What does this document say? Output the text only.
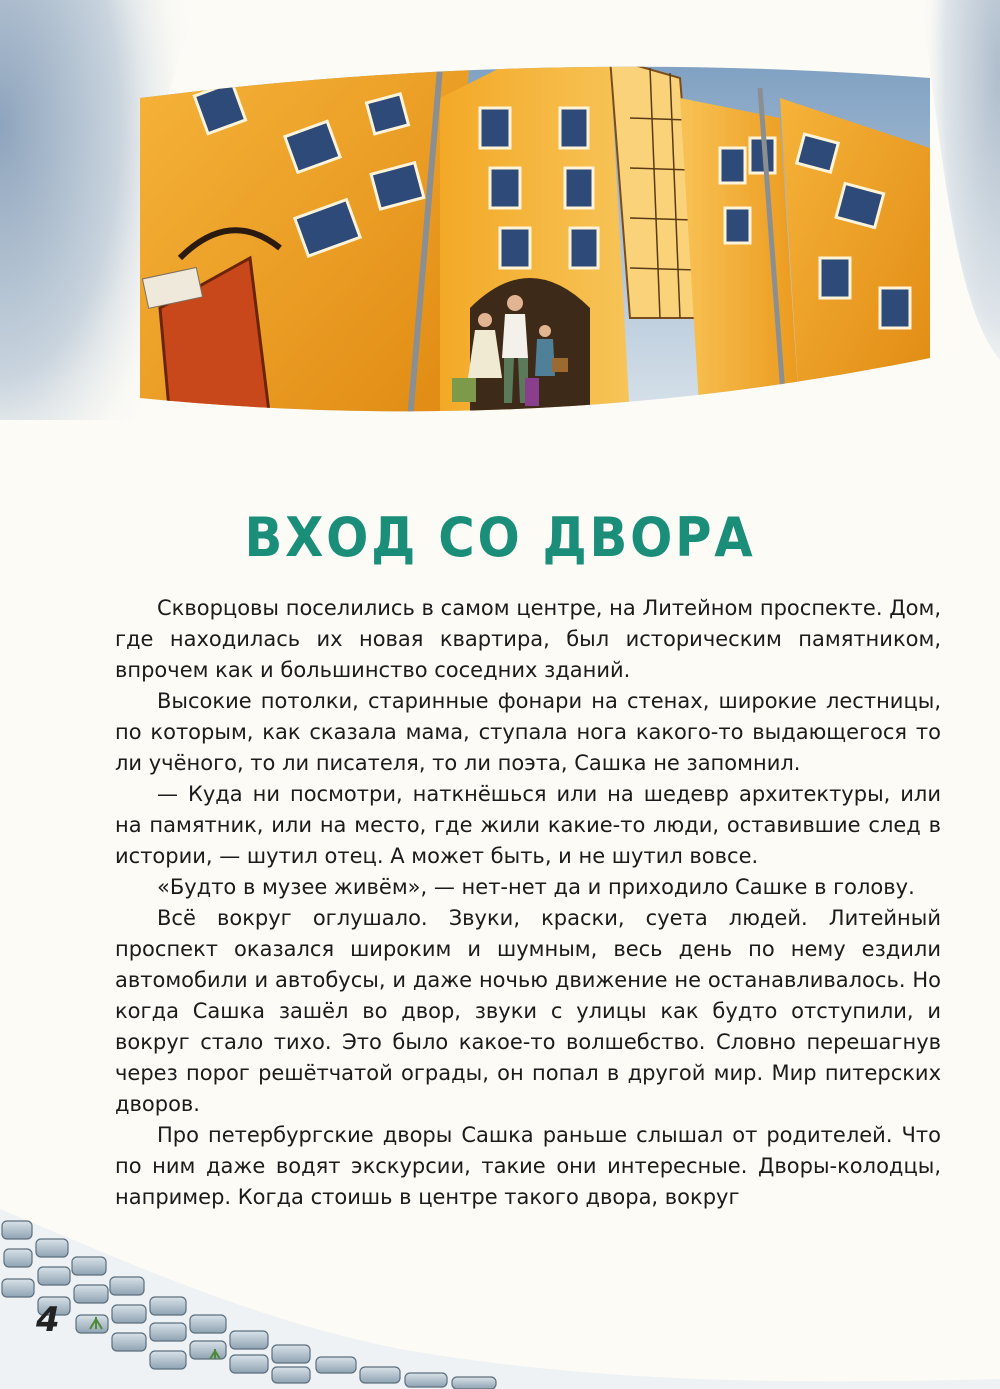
ВХОД СО ДВОРА

Скворцовы поселились в самом центре, на Литейном проспекте. Дом, где находилась их новая квартира, был историческим памятником, впрочем как и большинство соседних зданий.

Высокие потолки, старинные фонари на стенах, широкие лестницы, по которым, как сказала мама, ступала нога какого-то выдающегося то ли учёного, то ли писателя, то ли поэта, Сашка не запомнил.

— Куда ни посмотри, наткнёшься или на шедевр архитектуры, или на памятник, или на место, где жили какие-то люди, оставившие след в истории, — шутил отец. А может быть, и не шутил вовсе.

«Будто в музее живём», — нет-нет да и приходило Сашке в голову.

Всё вокруг оглушало. Звуки, краски, суета людей. Литейный проспект оказался широким и шумным, весь день по нему ездили автомобили и автобусы, и даже ночью движение не останавливалось. Но когда Сашка зашёл во двор, звуки с улицы как будто отступили, и вокруг стало тихо. Это было какое-то волшебство. Словно перешагнув через порог решётчатой ограды, он попал в другой мир. Мир питерских дворов.

Про петербургские дворы Сашка раньше слышал от родителей. Что по ним даже водят экскурсии, такие они интересные. Дворы-колодцы, например. Когда стоишь в центре такого двора, вокруг

4
